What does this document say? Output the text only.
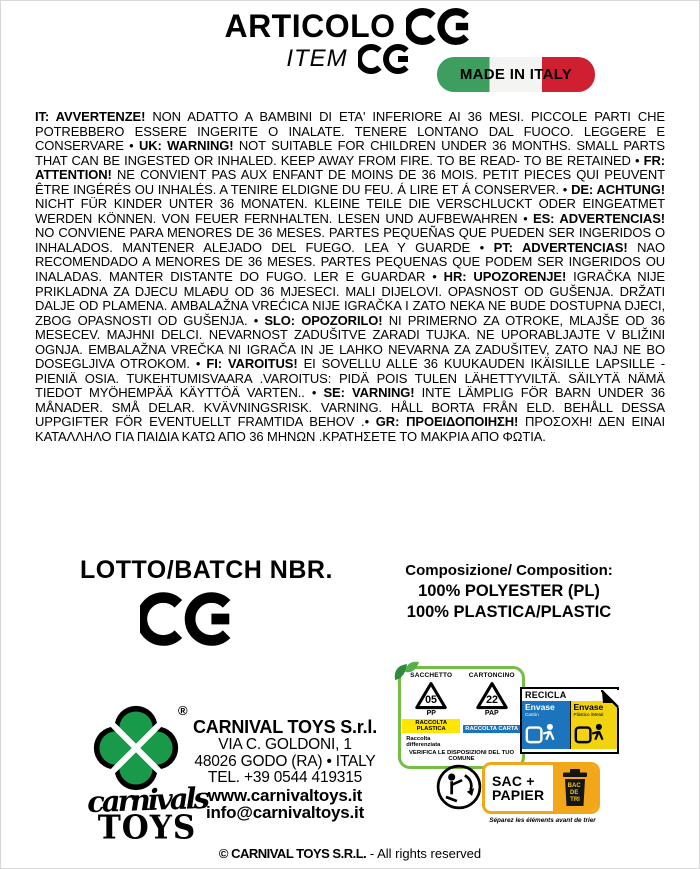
ARTICOLO
ITEM
MADE IN ITALY

IT: AVVERTENZE! NON ADATTO A BAMBINI DI ETA' INFERIORE AI 36 MESI. PICCOLE PARTI CHE POTREBBERO ESSERE INGERITE O INALATE. TENERE LONTANO DAL FUOCO. LEGGERE E CONSERVARE • UK: WARNING! NOT SUITABLE FOR CHILDREN UNDER 36 MONTHS. SMALL PARTS THAT CAN BE INGESTED OR INHALED. KEEP AWAY FROM FIRE. TO BE READ- TO BE RETAINED • FR: ATTENTION! NE CONVIENT PAS AUX ENFANT DE MOINS DE 36 MOIS. PETIT PIECES QUI PEUVENT ÊTRE INGÉRÉS OU INHALÉS. A TENIRE ELDIGNE DU FEU. Á LIRE ET Á CONSERVER. • DE: ACHTUNG! NICHT FÜR KINDER UNTER 36 MONATEN. KLEINE TEILE DIE VERSCHLUCKT ODER EINGEATMET WERDEN KÖNNEN. VON FEUER FERNHALTEN. LESEN UND AUFBEWAHREN • ES: ADVERTENCIAS! NO CONVIENE PARA MENORES DE 36 MESES. PARTES PEQUEÑAS QUE PUEDEN SER INGERIDOS O INHALADOS. MANTENER ALEJADO DEL FUEGO. LEA Y GUARDE • PT: ADVERTENCIAS! NAO RECOMENDADO A MENORES DE 36 MESES. PARTES PEQUENAS QUE PODEM SER INGERIDOS OU INALADAS. MANTER DISTANTE DO FUGO. LER E GUARDAR • HR: UPOZORENJE! IGRAČKA NIJE PRIKLADNA ZA DJECU MLAĐU OD 36 MJESECI. MALI DIJELOVI. OPASNOST OD GUŠENJA. DRŽATI DALJE OD PLAMENA. AMBALAŽNA VREĆICA NIJE IGRAČKA I ZATO NEKA NE BUDE DOSTUPNA DJECI, ZBOG OPASNOSTI OD GUŠENJA. • SLO: OPOZORILO! NI PRIMERNO ZA OTROKE, MLAJŠE OD 36 MESECEV. MAJHNI DELCI. NEVARNOST ZADUŠITVE ZARADI TUJKA. NE UPORABLJAJTE V BLIŽINI OGNJA. EMBALAŽNA VREČKA NI IGRAČA IN JE LAHKO NEVARNA ZA ZADUŠITEV, ZATO NAJ NE BO DOSEGLJIVA OTROKOM. • FI: VAROITUS! EI SOVELLU ALLE 36 KUUKAUDEN IKÄISILLE LAPSILLE - PIENIÄ OSIA. TUKEHTUMISVAARA .VAROITUS: PIDÄ POIS TULEN LÄHETTYVILTÄ. SÄILYTÄ NÄMÄ TIEDOT MYÖHEMPÄÄ KÄYTTÖÄ VARTEN.. • SE: VARNING! INTE LÄMPLIG FÖR BARN UNDER 36 MÅNADER. SMÅ DELAR. KVÄVNINGSRISK. VARNING. HÅLL BORTA FRÅN ELD. BEHÅLL DESSA UPPGIFTER FÖR EVENTUELLT FRAMTIDA BEHOV .• GR: ΠΡΟΕΙΔΟΠΟΙΗΣΗ! ΠΡΟΣΟΧΗ! ΔΕΝ ΕΙΝΑΙ ΚΑΤΑΛΛΗΛΟ ΓΙΑ ΠΑΙΔΙΑ ΚΑΤΩ ΑΠΟ 36 ΜΗΝΩΝ .ΚΡΑΤΗΣΕΤΕ ΤΟ ΜΑΚΡΙΑ ΑΠΟ ΦΩΤΙΑ.

LOTTO/BATCH NBR.	Composizione/ Composition:
100% POLYESTER (PL)
100% PLASTICA/PLASTIC
SACCHETTO
05
PP
RACCOLTA PLASTICA
Raccolta differenziata
CARTONCINO
22
PAP
RACCOLTA CARTA
VERIFICA LE DISPOSIZIONI DEL TUO COMUNE
RECICLA
Envase
Cartón
Envase
Plástico /Metal
®
carnivals
TOYS
CARNIVAL TOYS S.r.l.
VIA C. GOLDONI, 1
48026 GODO (RA) • ITALY
TEL. +39 0544 419315
www.carnivaltoys.it
info@carnivaltoys.it
SAC +
PAPIER
BAC DE TRI
Séparez les éléments avant de trier
© CARNIVAL TOYS S.R.L. - All rights reserved
